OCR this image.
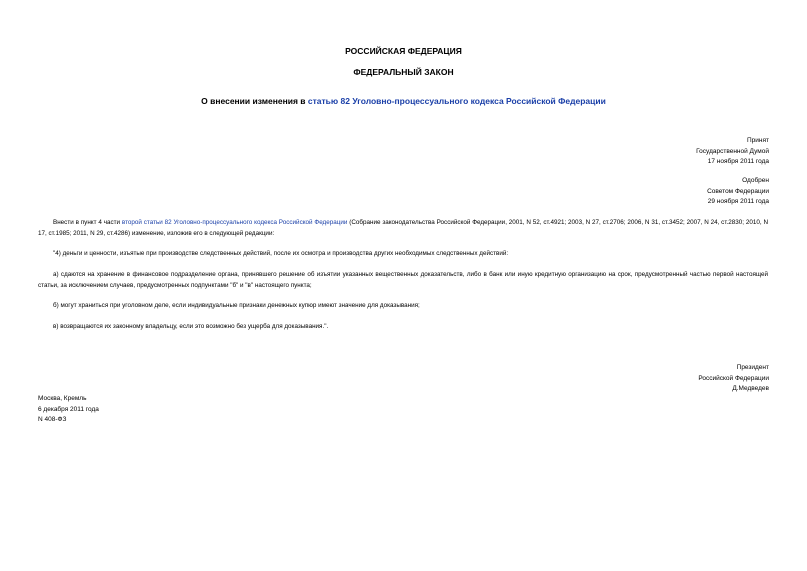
РОССИЙСКАЯ ФЕДЕРАЦИЯ
ФЕДЕРАЛЬНЫЙ ЗАКОН
О внесении изменения в статью 82 Уголовно-процессуального кодекса Российской Федерации
Принят
Государственной Думой
17 ноября 2011 года
Одобрен
Советом Федерации
29 ноября 2011 года
Внести в пункт 4 части второй статьи 82 Уголовно-процессуального кодекса Российской Федерации (Собрание законодательства Российской Федерации, 2001, N 52, ст.4921; 2003, N 27, ст.2706; 2006, N 31, ст.3452; 2007, N 24, ст.2830; 2010, N 17, ст.1985; 2011, N 29, ст.4286) изменение, изложив его в следующей редакции:
"4) деньги и ценности, изъятые при производстве следственных действий, после их осмотра и производства других необходимых следственных действий:
а) сдаются на хранение в финансовое подразделение органа, принявшего решение об изъятии указанных вещественных доказательств, либо в банк или иную кредитную организацию на срок, предусмотренный частью первой настоящей статьи, за исключением случаев, предусмотренных подпунктами "б" и "в" настоящего пункта;
б) могут храниться при уголовном деле, если индивидуальные признаки денежных купюр имеют значение для доказывания;
в) возвращаются их законному владельцу, если это возможно без ущерба для доказывания.".
Президент
Российской Федерации
Д.Медведев
Москва, Кремль
6 декабря 2011 года
N 408-ФЗ
